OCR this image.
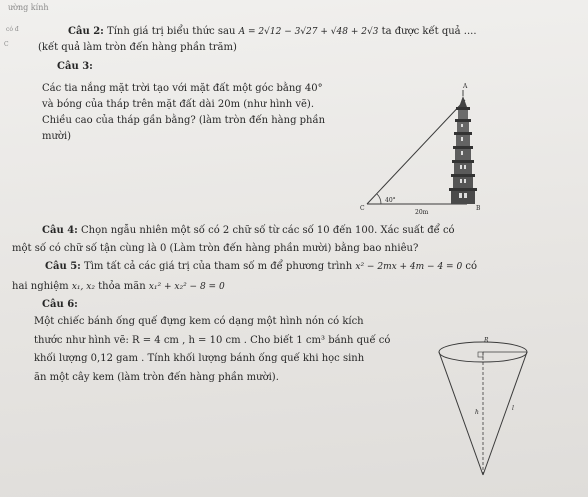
ường kính
có đ
C
Câu 2: Tính giá trị biểu thức sau A = 2√12 − 3√27 + √48 + 2√3 ta được kết quả ....
(kết quả làm tròn đến hàng phần trăm)
Câu 3:
Các tia nắng mặt trời tạo với mặt đất một góc bằng 40°
và bóng của tháp trên mặt đất dài 20m (như hình vẽ).
Chiều cao của tháp gần bằng? (làm tròn đến hàng phần
mười)
A
B
C
40°
20m
Câu 4: Chọn ngẫu nhiên một số có 2 chữ số từ các số 10 đến 100. Xác suất để có
một số có chữ số tận cùng là 0 (Làm tròn đến hàng phần mười) bằng bao nhiêu?
Câu 5: Tìm tất cả các giá trị của tham số m để phương trình x² − 2mx + 4m − 4 = 0 có
hai nghiệm x₁, x₂ thỏa mãn x₁² + x₂² − 8 = 0
Câu 6:
Một chiếc bánh ống quế đựng kem có dạng một hình nón có kích
thước như hình vẽ: R = 4 cm , h = 10 cm . Cho biết 1 cm³ bánh quế có
khối lượng 0,12 gam . Tính khối lượng bánh ống quế khi học sinh
ăn một cây kem (làm tròn đến hàng phần mười).
R
h
l
